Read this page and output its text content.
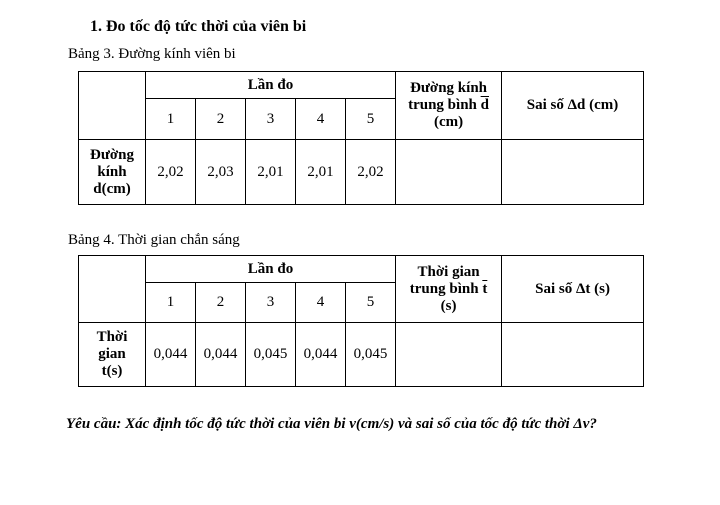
1. Đo tốc độ tức thời của viên bi
Bảng 3. Đường kính viên bi
	Lần đo					Đường kính
trung bình $\overline{d}$
(cm)	Sai số Δd (cm)
	1	2	3	4	5		

Đường
kính
d(cm)	2,02	2,03	2,01	2,01	2,02		
Bảng 4. Thời gian chắn sáng
	Lần đo					Thời gian
trung bình $\overline{t}$
(s)	Sai số Δt (s)
	1	2	3	4	5		

Thời
gian
t(s)	0,044	0,044	0,045	0,044	0,045		
Yêu cầu: Xác định tốc độ tức thời của viên bi v(cm/s) và sai số của tốc độ tức thời Δv?
